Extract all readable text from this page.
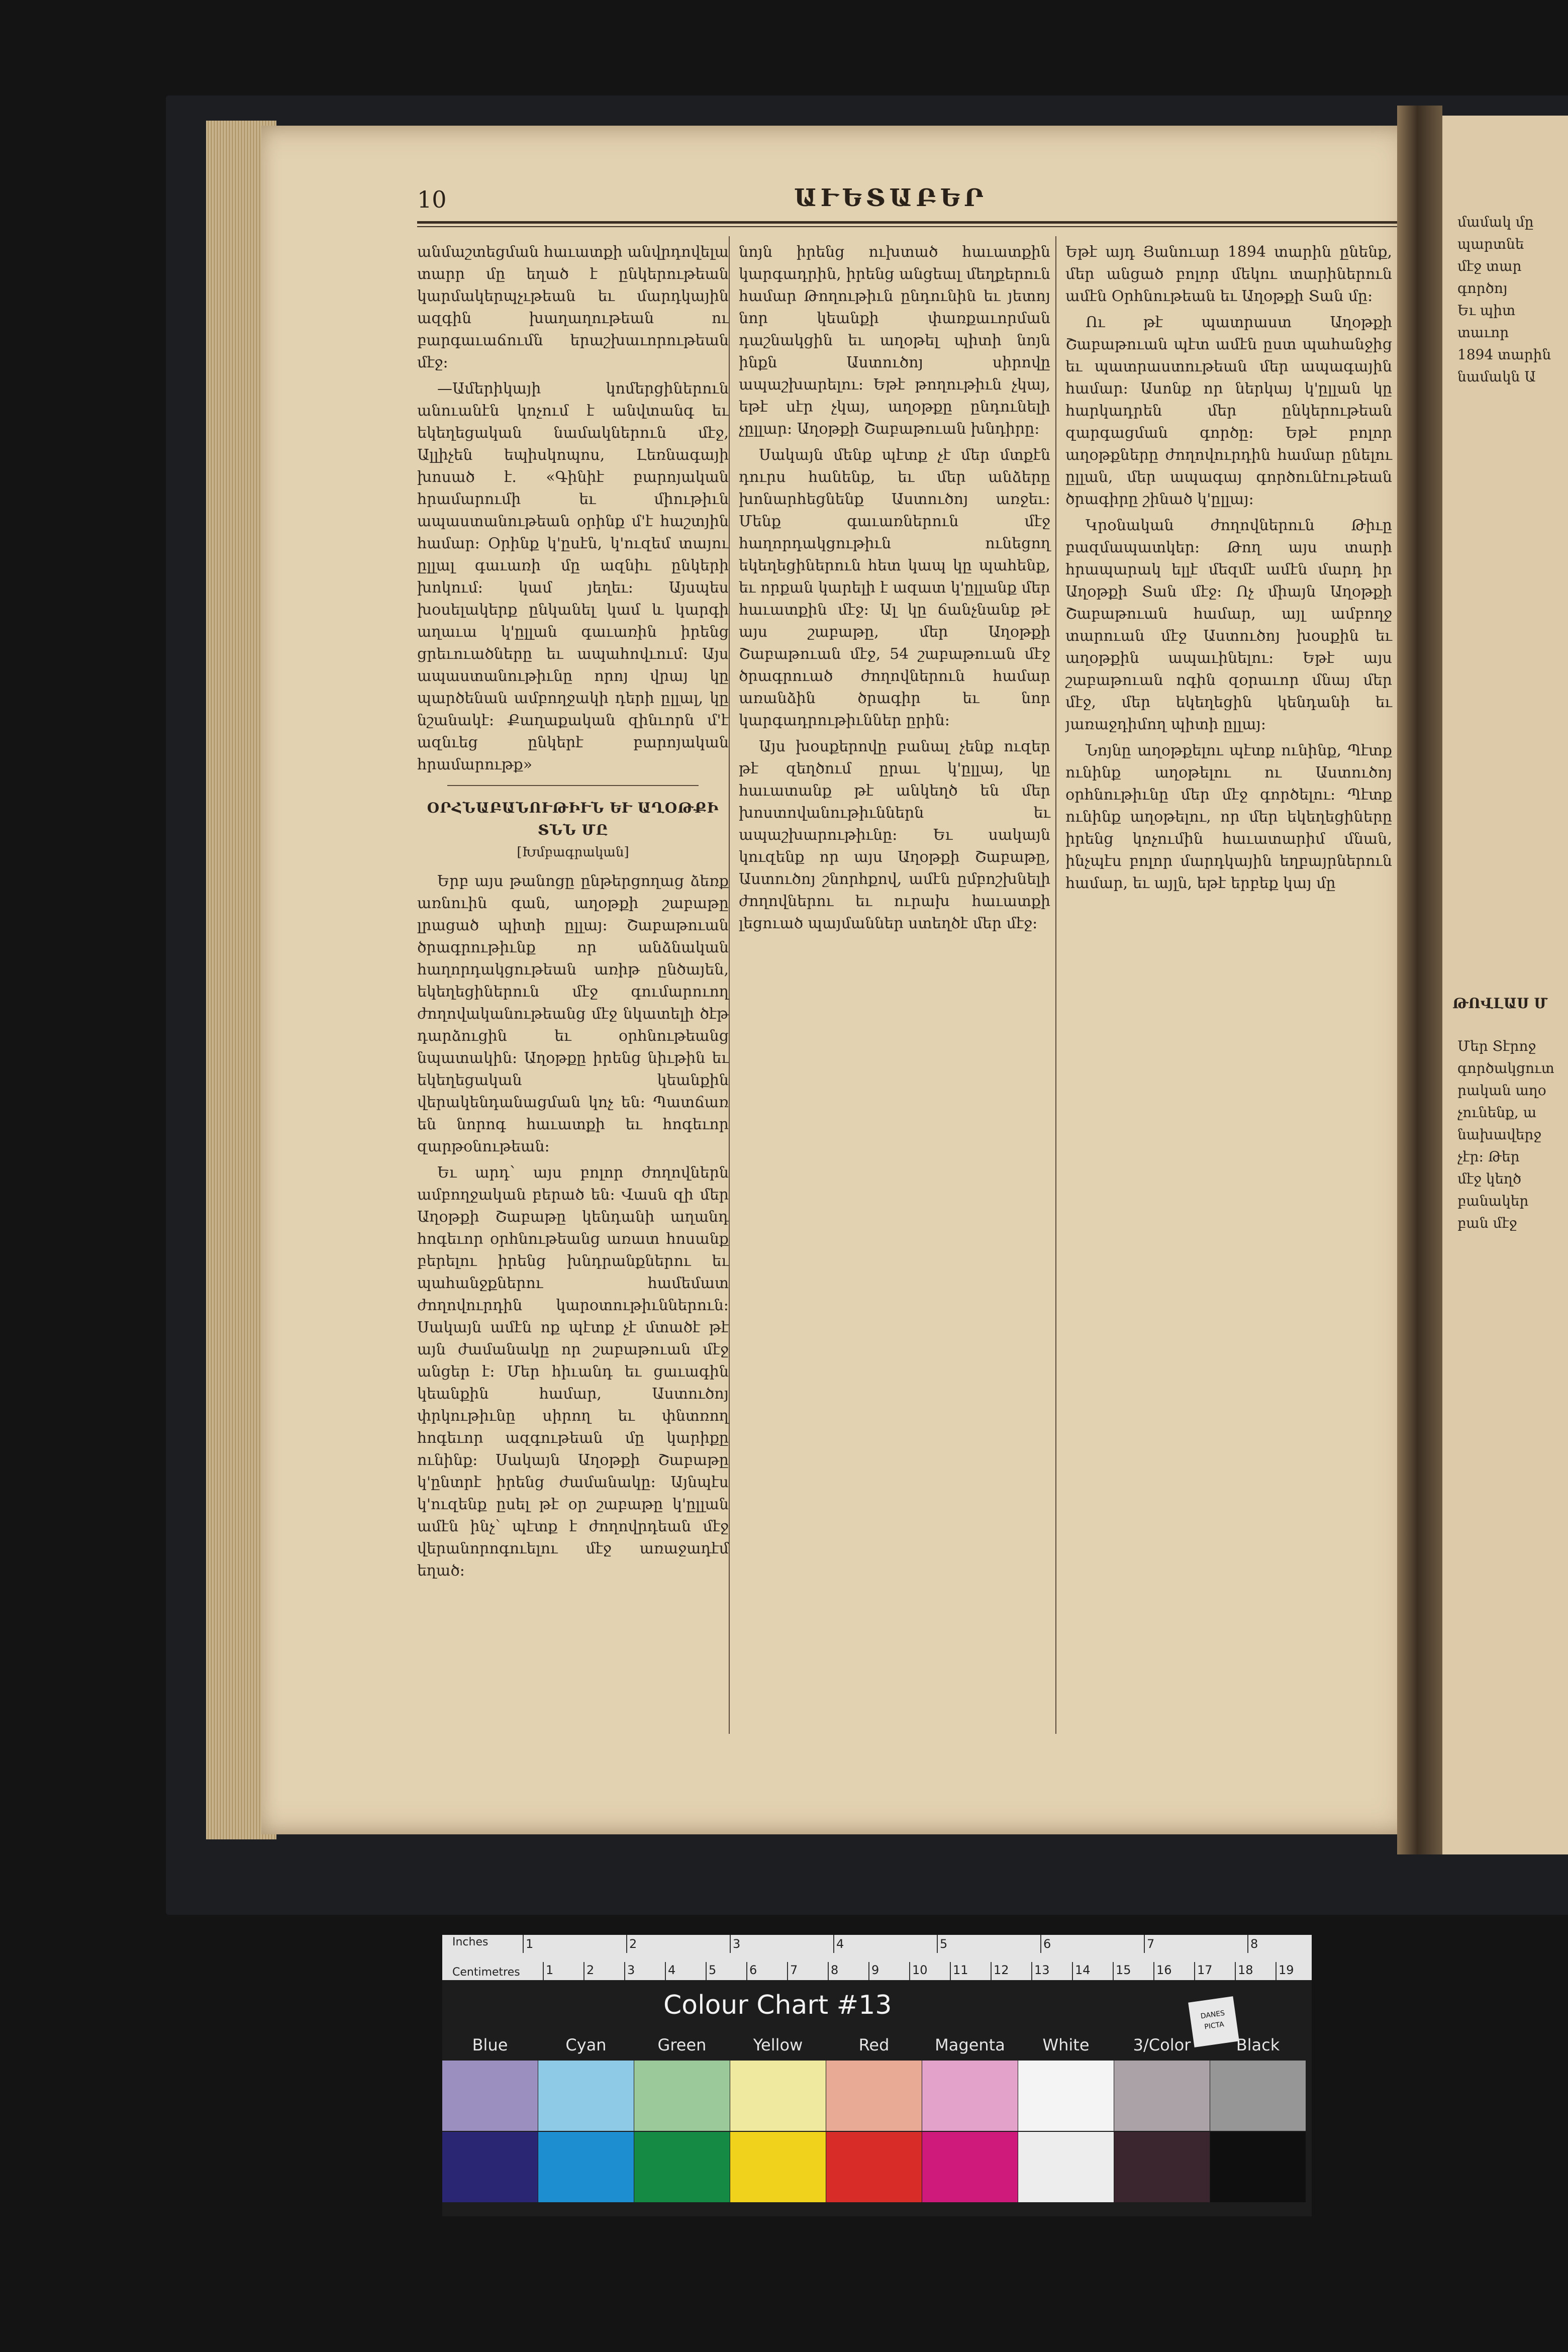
10	ԱՒԵՏԱԲԵՐ

անմաշտեցման հաւատքի անվրդովելա տարր մը եղած է ընկերութեան կարմակերպչւթեան եւ մարդկային ազգին խաղաղութեան ու բարգաւաճումն երաշխաւորութեան մէջ։

—Ամերիկայի կոմերցիներուն անուանէն կոչում է անվտանգ եւ եկեղեցական նամակներուն մէջ, Ալլիչեն եպիսկոպոս, Լեռնագայի խոսած է. «Գինիէ բարոյական հրամարումի եւ միութիւն ապաստանութեան օրինք մ'է հաշտյին համար։ Օրինք կ'ըսէն, կ'ուզեմ տայու ըլլալ գաւառի մը ազնիւ ընկերի խոկում։ կամ յեղեւ։ Այսպես խօսելակերք ընկանել կամ և կարգի աղաւա կ'ըլլան գաւառին իրենց ցրեւուածները եւ ապահովւում։ Այս ապաստանութիւնը որոյ վրայ կը պարծենան ամբողջակի դերի ըլլալ, կը նշանակէ։ Քաղաքական զինւորն մ'է ազնւեց ընկերէ բարոյական հրամարութք»

ՕՐՀՆԱԲԱՆՈՒԹԻՒՆ ԵՒ ԱՂՕԹՔԻ ՏՆՆ ՄԸ
[Խմբագրական]

Երբ այս թանոցը ընթերցողաց ձեռք առնուին գան, աղօթքի շաբաթը լրացած պիտի ըլլայ։ Շաբաթուան ծրագրութիւնք որ անձնական հաղորդակցութեան առիթ ընծայեն, եկեղեցիներուն մէջ գումարուող ժողովականութեանց մէջ նկատելի ծէթ դարձուցին եւ օրհնութեանց նպատակին։ Աղօթքը իրենց նիւթին եւ եկեղեցական կեանքին վերակենդանացման կոչ են։ Պատճառ են նորոգ հաւատքի եւ հոգեւոր զարթօնութեան։

Եւ արդ՝ այս բոլոր ժողովներն ամբողջական բերած են։ Վասն զի մեր Աղօթքի Շաբաթը կենդանի աղանդ հոգեւոր օրհնութեանց առատ հոսանք բերելու իրենց խնդրանքներու եւ պահանջքներու համեմատ ժողովուրդին կարօտութիւններուն։ Սակայն ամէն ոք պէտք չէ մտածէ թէ այն ժամանակը որ շաբաթուան մէջ անցեր է։ Մեր հիւանդ եւ ցաւագին կեանքին համար, Աստուծոյ փրկութիւնը սիրող եւ փնտռող հոգեւոր ազգութեան մը կարիքը ունինք։ Սակայն Աղօթքի Շաբաթը կ'ընտրէ իրենց ժամանակը։ Այնպէս կ'ուզենք ըսել թէ օր շաբաթը կ'ըլլան ամէն ինչ՝ պէտք է ժողովրդեան մէջ վերանորոգուելու մէջ առաջադէմ եղած։

նոյն իրենց ուխտած հաւատքին կարգադրին, իրենց անցեալ մեղքերուն համար Թողութիւն ընդունին եւ յետոյ նոր կեանքի փառքաւորման դաշնակցին եւ աղօթել պիտի նոյն ինքն Աստուծոյ սիրովը ապաշխարելու։ Եթէ թողութիւն չկայ, եթէ սէր չկայ, աղօթքը ընդունելի չըլլար։ Աղօթքի Շաբաթուան խնդիրը։

Սակայն մենք պէտք չէ մեր մտքէն դուրս հանենք, եւ մեր անձերը խոնարհեցնենք Աստուծոյ առջեւ։ Մենք գաւառներուն մէջ հաղորդակցութիւն ունեցող եկեղեցիներուն հետ կապ կը պահենք, եւ որքան կարելի է ազատ կ'ըլլանք մեր հաւատքին մէջ։ Ալ կը ճանչնանք թէ այս շաբաթը, մեր Աղօթքի Շաբաթուան մէջ, 54 շաբաթուան մէջ ծրագրուած ժողովներուն համար առանձին ծրագիր եւ նոր կարգադրութիւններ ըրին։

Այս խօսքերովը բանալ չենք ուզեր թէ զեղծում ըրաւ կ'ըլլայ, կը հաւատանք թէ անկեղծ են մեր խոստովանութիւններն եւ ապաշխարութիւնը։ Եւ սակայն կուզենք որ այս Աղօթքի Շաբաթը, Աստուծոյ շնորհքով, ամէն ըմբոշխնելի ժողովներու եւ ուրախ հաւատքի լեցուած պայմաններ ստեղծէ մեր մէջ։

Եթէ այդ Յանուար 1894 տարին ընենք, մեր անցած բոլոր մեկու տարիներուն ամէն Օրհնութեան եւ Աղօթքի Տան մը։

Ու թէ պատրաստ Աղօթքի Շաբաթուան պէտ ամէն ըստ պահանջից եւ պատրաստութեան մեր ապագային համար։ Ասոնք որ ներկայ կ'ըլլան կը հարկադրեն մեր ընկերութեան զարգացման գործը։ Եթէ բոլոր աղօթքները ժողովուրդին համար ընելու ըլլան, մեր ապագայ գործունէութեան ծրագիրը շինած կ'ըլլայ։

Կրօնական ժողովներուն Թիւը բազմապատկեր։ Թող այս տարի հրապարակ ելլէ մեզմէ ամէն մարդ իր Աղօթքի Տան մէջ։ Ոչ միայն Աղօթքի Շաբաթուան համար, այլ ամբողջ տարուան մէջ Աստուծոյ խօսքին եւ աղօթքին ապաւինելու։ Եթէ այս շաբաթուան ոգին զօրաւոր մնայ մեր մէջ, մեր եկեղեցին կենդանի եւ յառաջդիմող պիտի ըլլայ։

Նոյնը աղօթքելու պէտք ունինք, Պէտք ունինք աղօթելու ու Աստուծոյ օրհնութիւնը մեր մէջ գործելու։ Պէտք ունինք աղօթելու, որ մեր եկեղեցիները իրենց կոչումին հաւատարիմ մնան, ինչպէս բոլոր մարդկային եղբայրներուն համար, եւ այլն, եթէ երբեք կայ մը

մամակ մը
պարտնե
մէջ տար
գործոյ
Եւ պիտ
տաւոր
1894 տարին
նամակն Ա
ԹՈՎԼԱՍ Մ
Մեր Տէրոջ
գործակցուտ
րական աղօ
չունենք, ա
նախավերջ
չէր։ Թեր
մէջ կեղծ
բանակեր
բան մէջ
Inches
Centimetres
1	2	3	4	5	6	7	8
1	2	3	4	5	6	7	8	9	10 11 12 13 14 15 16 17 18 19
Colour Chart #13	DANES PICTA
Blue	Cyan	Green	Yellow	Red	Magenta	White	3/Color	Black
